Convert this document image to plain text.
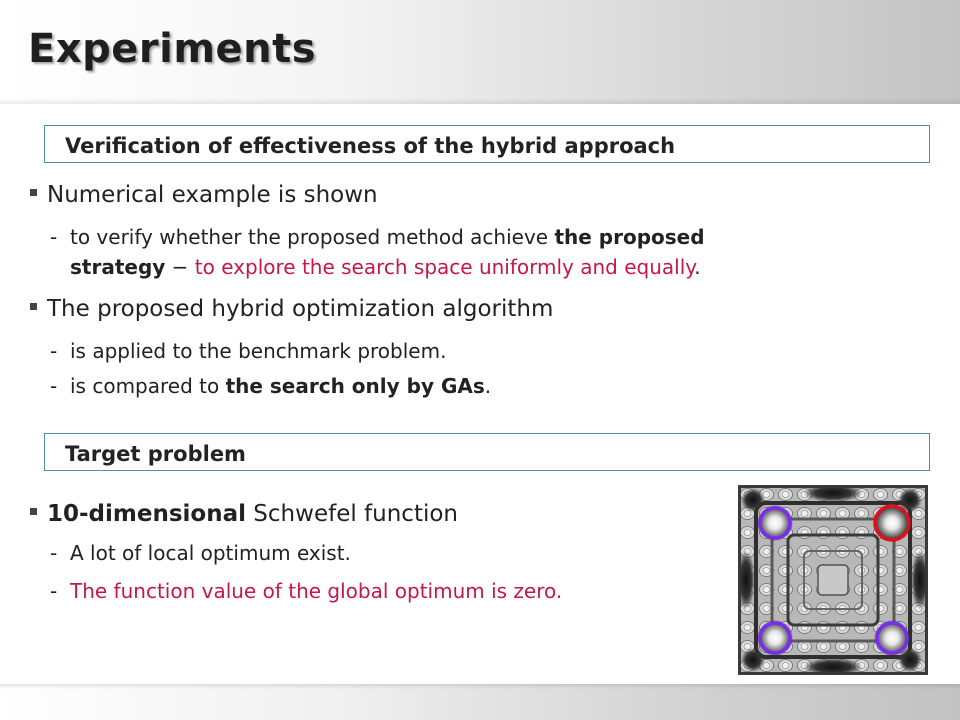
Experiments
Verification of effectiveness of the hybrid approach
Numerical example is shown
- to verify whether the proposed method achieve the proposed
strategy − to explore the search space uniformly and equally.
The proposed hybrid optimization algorithm
- is applied to the benchmark problem.
- is compared to the search only by GAs.
Target problem
10-dimensional Schwefel function
- A lot of local optimum exist.
- The function value of the global optimum is zero.
